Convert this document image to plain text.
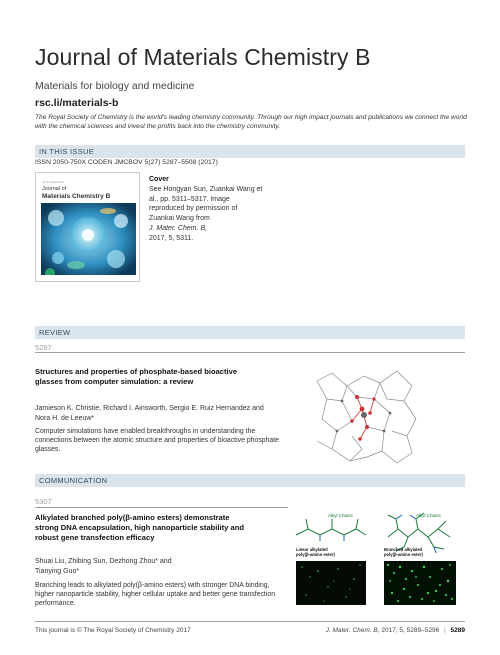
Journal of Materials Chemistry B
Materials for biology and medicine
rsc.li/materials-b
The Royal Society of Chemistry is the world's leading chemistry community. Through our high impact journals and publications we connect the world with the chemical sciences and invest the profits back into the chemistry community.
IN THIS ISSUE
ISSN 2050-750X CODEN JMCBOV 5(27) 5287–5508 (2017)
rsc.li/materials-b
Journal of
Materials Chemistry B
Cover
See Hongyan Sun, Zuankai Wang et al., pp. 5311–5317. Image reproduced by permission of Zuankai Wang from
J. Mater. Chem. B,
2017, 5, 5311.
REVIEW
5297
Structures and properties of phosphate-based bioactive glasses from computer simulation: a review
Jamieson K. Christie, Richard I. Ainsworth, Sergio E. Ruiz Hernandez and Nora H. de Leeuw*
Computer simulations have enabled breakthroughs in understanding the connections between the atomic structure and properties of bioactive phosphate glasses.
COMMUNICATION
5307
Alkylated branched poly(β-amino esters) demonstrate strong DNA encapsulation, high nanoparticle stability and robust gene transfection efficacy
Shuai Liu, Zhibing Sun, Dezhong Zhou* and Tianying Guo*
Branching leads to alkylated poly(β-amino esters) with stronger DNA binding, higher nanoparticle stability, higher cellular uptake and better gene transfection performance.
Alkyl Chains
Linear alkylated
poly(β-amino ester)
Alkyl Chains
Branched alkylated
poly(β-amino ester)
This journal is © The Royal Society of Chemistry 2017	J. Mater. Chem. B, 2017, 5, 5289–5296 | 5289
